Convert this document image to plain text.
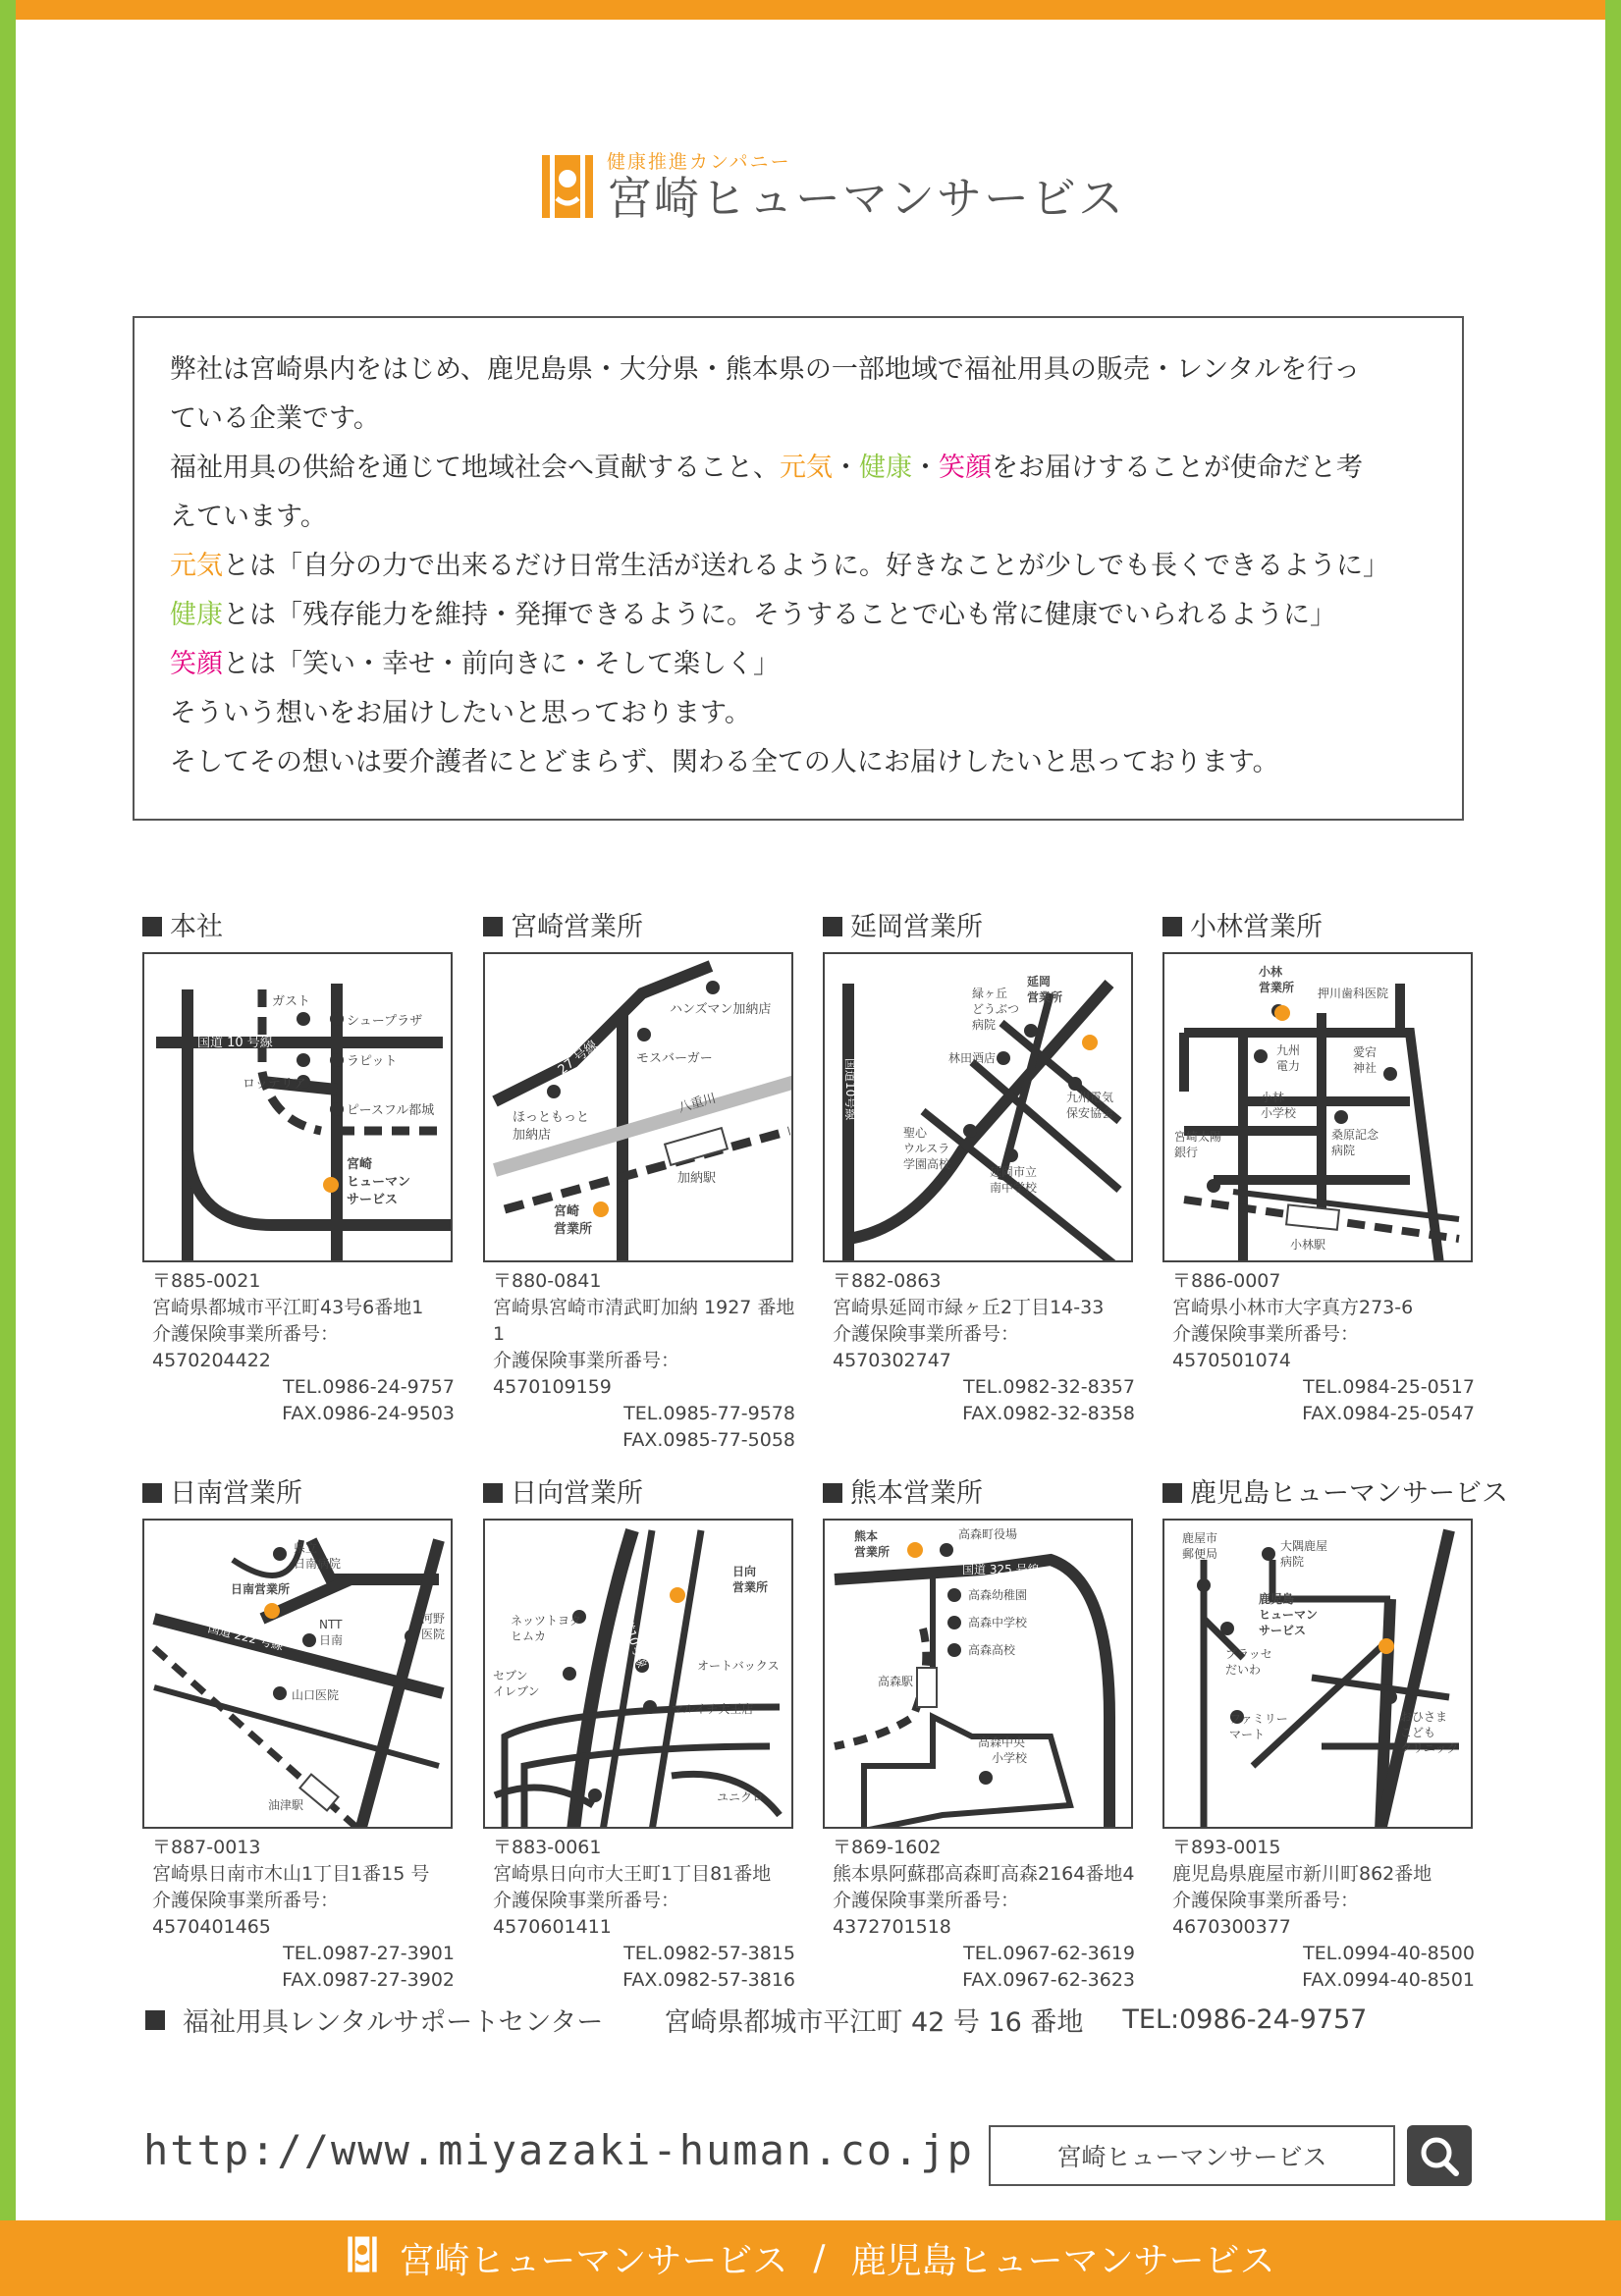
健康推進カンパニー
宮崎ヒューマンサービス

弊社は宮崎県内をはじめ、鹿児島県・大分県・熊本県の一部地域で福祉用具の販売・レンタルを行っ

ている企業です。

福祉用具の供給を通じて地域社会へ貢献すること、元気・健康・笑顔をお届けすることが使命だと考

えています。

元気とは「自分の力で出来るだけ日常生活が送れるように。好きなことが少しでも長くできるように」

健康とは「残存能力を維持・発揮できるように。そうすることで心も常に健康でいられるように」

笑顔とは「笑い・幸せ・前向きに・そして楽しく」

そういう想いをお届けしたいと思っております。

そしてその想いは要介護者にとどまらず、関わる全ての人にお届けしたいと思っております。

本社
ガスト
シュープラザ
国道 10 号線
ラピット
ロッテリア
ピースフル都城
宮崎
ヒューマン
サービス
〒885-0021
宮崎県都城市平江町43号6番地1
介護保険事業所番号：4570204422
TEL.0986-24-9757
FAX.0986-24-9503
宮崎営業所
ハンズマン加納店
27 号線	モスバーガー
ほっともっと
加納店
八重川
加納駅
宮崎
営業所
〒880-0841
宮崎県宮崎市清武町加納 1927 番地 1
介護保険事業所番号：4570109159
TEL.0985-77-9578
FAX.0985-77-5058
延岡営業所
緑ヶ丘
どうぶつ
病院
延岡
営業所
林田酒店
九州電気
保安協会
国道10号線
聖心
ウルスラ
学園高校
延岡市立
南中学校
〒882-0863
宮崎県延岡市緑ヶ丘2丁目14-33
介護保険事業所番号：4570302747
TEL.0982-32-8357
FAX.0982-32-8358
小林営業所
小林
営業所 押川歯科医院
九州
電力
愛宕
神社
小林
小学校
桑原記念
病院
宮崎太陽
銀行
小林駅
〒886-0007
宮崎県小林市大字真方273-6
介護保険事業所番号：4570501074
TEL.0984-25-0517
FAX.0984-25-0547
日南営業所
県立
日南病院
日南営業所
NTT
日南
河野
医院
国道 222 号線
山口医院
油津駅
〒887-0013
宮崎県日南市木山1丁目1番15 号
介護保険事業所番号：4570401465
TEL.0987-27-3901
FAX.0987-27-3902
日向営業所
日向
営業所
ネッツトヨタ
ヒムカ	国道10号線	オートバックス
セブン
イレブン
マルイチ大王店
ユニクロ
〒883-0061
宮崎県日向市大王町1丁目81番地
介護保険事業所番号：4570601411
TEL.0982-57-3815
FAX.0982-57-3816
熊本営業所
熊本
営業所
高森町役場
国道 325 号線
高森幼稚園
高森中学校
高森高校
高森駅
高森中央
小学校
〒869-1602
熊本県阿蘇郡高森町高森2164番地4
介護保険事業所番号：4372701518
TEL.0967-62-3619
FAX.0967-62-3623
鹿児島ヒューマンサービス
鹿屋市
郵便局
大隅鹿屋
病院
鹿児島
ヒューマン
サービス
プラッセ
だいわ
ファミリー
マート
おひさま
こども
クリニック
〒893-0015
鹿児島県鹿屋市新川町862番地
介護保険事業所番号：4670300377
TEL.0994-40-8500
FAX.0994-40-8501
福祉用具レンタルサポートセンター 宮崎県都城市平江町 42 号 16 番地 TEL:0986-24-9757
http://www.miyazaki-human.co.jp	宮崎ヒューマンサービス
宮崎ヒューマンサービス / 鹿児島ヒューマンサービス
